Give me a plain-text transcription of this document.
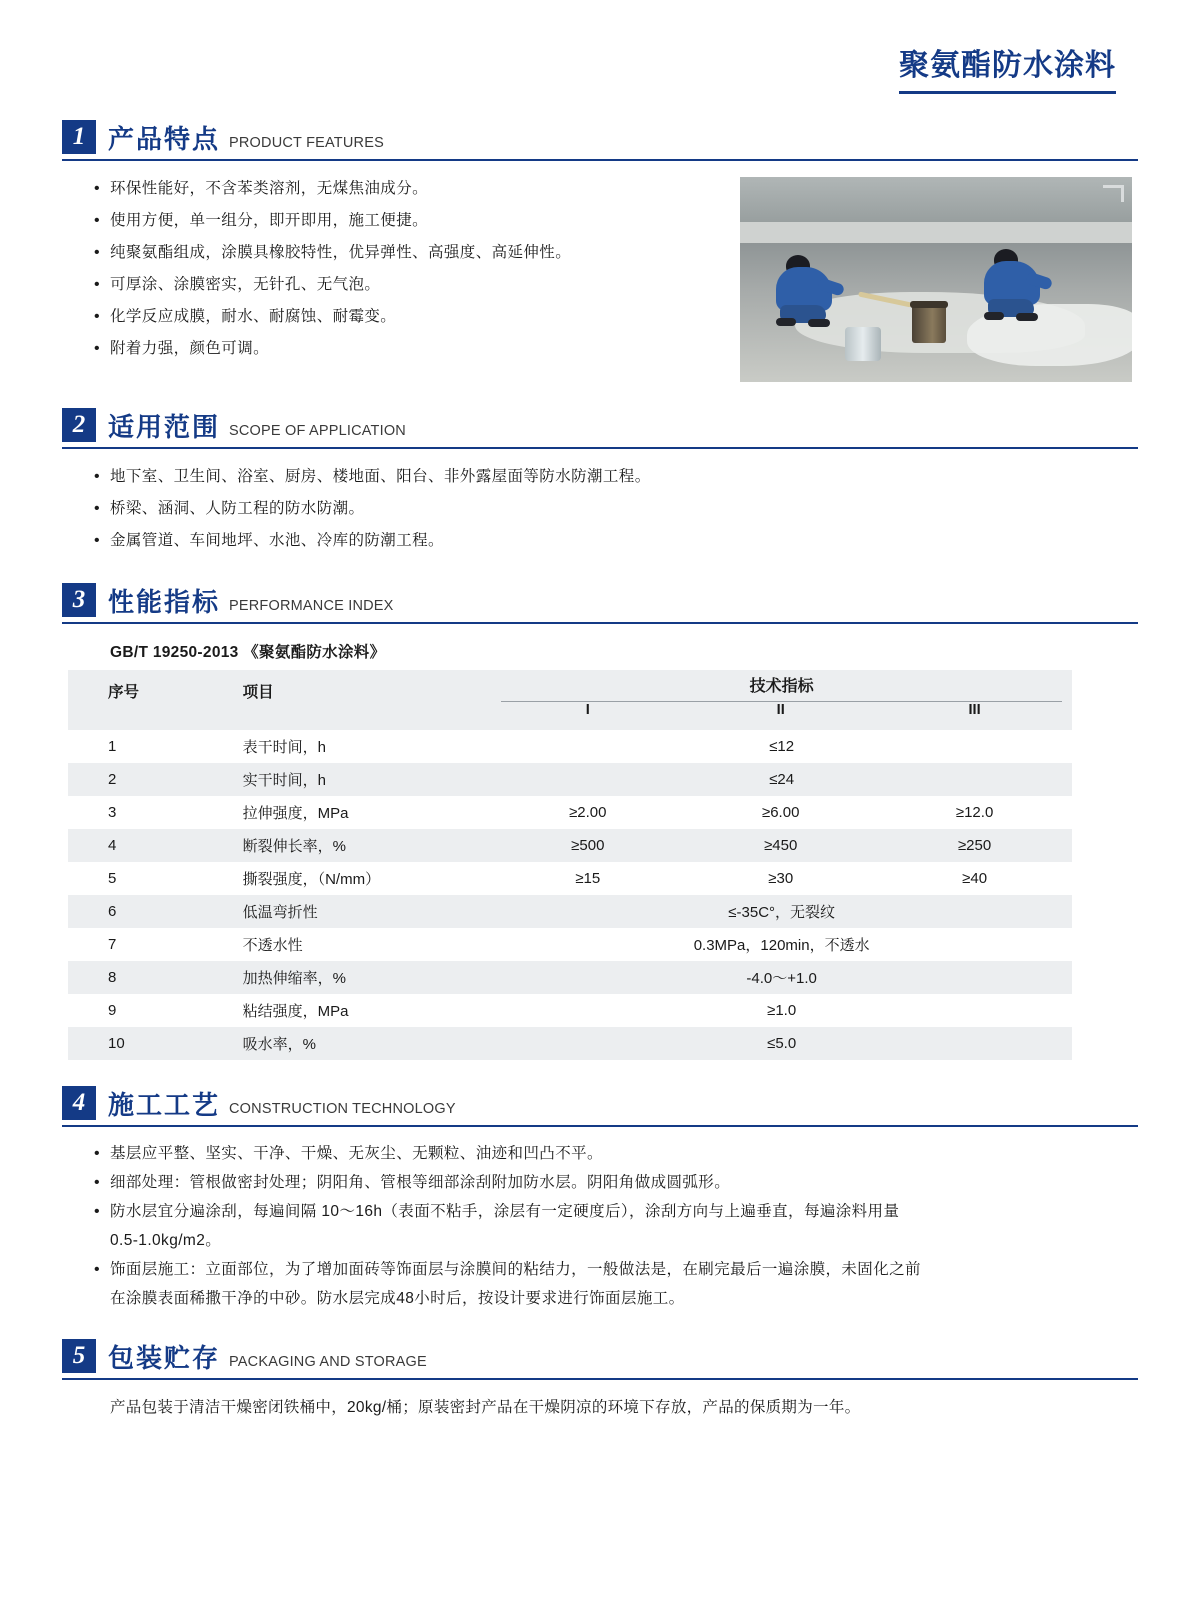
聚氨酯防水涂料
1 产品特点 PRODUCT FEATURES
• 环保性能好，不含苯类溶剂，无煤焦油成分。
• 使用方便，单一组分，即开即用，施工便捷。
• 纯聚氨酯组成，涂膜具橡胶特性，优异弹性、高强度、高延伸性。
• 可厚涂、涂膜密实，无针孔、无气泡。
• 化学反应成膜，耐水、耐腐蚀、耐霉变。
• 附着力强，颜色可调。
2 适用范围 SCOPE OF APPLICATION
• 地下室、卫生间、浴室、厨房、楼地面、阳台、非外露屋面等防水防潮工程。
• 桥梁、涵洞、人防工程的防水防潮。
• 金属管道、车间地坪、水池、冷库的防潮工程。
3 性能指标 PERFORMANCE INDEX
GB/T 19250-2013 《聚氨酯防水涂料》
序号	项目	技术指标		

		I	II	III
1	表干时间，h	≤12		
2	实干时间，h	≤24		
3	拉伸强度，MPa	≥2.00	≥6.00	≥12.0
4	断裂伸长率，%	≥500	≥450	≥250
5	撕裂强度，（N/mm）	≥15	≥30	≥40
6	低温弯折性	≤-35C°，无裂纹		
7	不透水性	0.3MPa，120min，不透水		
8	加热伸缩率，%	-4.0～+1.0		
9	粘结强度，MPa	≥1.0		
10	吸水率，%	≤5.0		
4 施工工艺 CONSTRUCTION TECHNOLOGY
• 基层应平整、坚实、干净、干燥、无灰尘、无颗粒、油迹和凹凸不平。
• 细部处理：管根做密封处理；阴阳角、管根等细部涂刮附加防水层。阴阳角做成圆弧形。
• 防水层宜分遍涂刮，每遍间隔 10～16h（表面不粘手，涂层有一定硬度后），涂刮方向与上遍垂直，每遍涂料用量
0.5-1.0kg/m2。
• 饰面层施工：立面部位，为了增加面砖等饰面层与涂膜间的粘结力，一般做法是，在刷完最后一遍涂膜，未固化之前
在涂膜表面稀撒干净的中砂。防水层完成48小时后，按设计要求进行饰面层施工。
5 包装贮存 PACKAGING AND STORAGE
产品包装于清洁干燥密闭铁桶中，20kg/桶；原装密封产品在干燥阴凉的环境下存放，产品的保质期为一年。
